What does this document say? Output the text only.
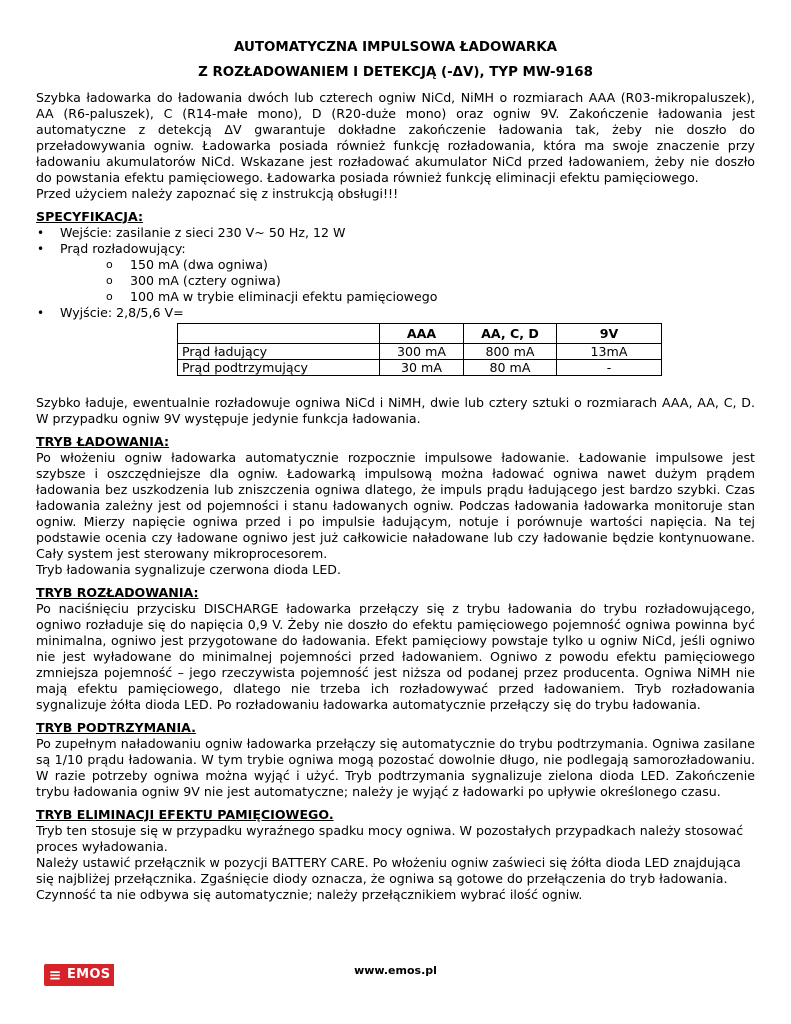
AUTOMATYCZNA IMPULSOWA ŁADOWARKA

Z ROZŁADOWANIEM I DETEKCJĄ (-ΔV), TYP MW-9168

Szybka ładowarka do ładowania dwóch lub czterech ogniw NiCd, NiMH o rozmiarach AAA (R03-mikropaluszek), AA (R6-paluszek), C (R14-małe mono), D (R20-duże mono) oraz ogniw 9V. Zakończenie ładowania jest automatyczne z detekcją ΔV gwarantuje dokładne zakończenie ładowania tak, żeby nie doszło do przeładowywania ogniw. Ładowarka posiada również funkcję rozładowania, która ma swoje znaczenie przy ładowaniu akumulatorów NiCd. Wskazane jest rozładować akumulator NiCd przed ładowaniem, żeby nie doszło do powstania efektu pamięciowego. Ładowarka posiada również funkcję eliminacji efektu pamięciowego.

Przed użyciem należy zapoznać się z instrukcją obsługi!!!

SPECYFIKACJA:

• Wejście: zasilanie z sieci 230 V~ 50 Hz, 12 W
• Prąd rozładowujący:
o 150 mA (dwa ogniwa)
o 300 mA (cztery ogniwa)
o 100 mA w trybie eliminacji efektu pamięciowego
• Wyjście: 2,8/5,6 V=
	AAA	AA, C, D	9V
Prąd ładujący	300 mA	800 mA	13mA
Prąd podtrzymujący	30 mA	80 mA	-

Szybko ładuje, ewentualnie rozładowuje ogniwa NiCd i NiMH, dwie lub cztery sztuki o rozmiarach AAA, AA, C, D. W przypadku ogniw 9V występuje jedynie funkcja ładowania.

TRYB ŁADOWANIA:

Po włożeniu ogniw ładowarka automatycznie rozpocznie impulsowe ładowanie. Ładowanie impulsowe jest szybsze i oszczędniejsze dla ogniw. Ładowarką impulsową można ładować ogniwa nawet dużym prądem ładowania bez uszkodzenia lub zniszczenia ogniwa dlatego, że impuls prądu ładującego jest bardzo szybki. Czas ładowania zależny jest od pojemności i stanu ładowanych ogniw. Podczas ładowania ładowarka monitoruje stan ogniw. Mierzy napięcie ogniwa przed i po impulsie ładującym, notuje i porównuje wartości napięcia. Na tej podstawie ocenia czy ładowane ogniwo jest już całkowicie naładowane lub czy ładowanie będzie kontynuowane. Cały system jest sterowany mikroprocesorem.

Tryb ładowania sygnalizuje czerwona dioda LED.

TRYB ROZŁADOWANIA:

Po naciśnięciu przycisku DISCHARGE ładowarka przełączy się z trybu ładowania do trybu rozładowującego, ogniwo rozładuje się do napięcia 0,9 V. Żeby nie doszło do efektu pamięciowego pojemność ogniwa powinna być minimalna, ogniwo jest przygotowane do ładowania. Efekt pamięciowy powstaje tylko u ogniw NiCd, jeśli ogniwo nie jest wyładowane do minimalnej pojemności przed ładowaniem. Ogniwo z powodu efektu pamięciowego zmniejsza pojemność – jego rzeczywista pojemność jest niższa od podanej przez producenta. Ogniwa NiMH nie mają efektu pamięciowego, dlatego nie trzeba ich rozładowywać przed ładowaniem. Tryb rozładowania sygnalizuje żółta dioda LED. Po rozładowaniu ładowarka automatycznie przełączy się do trybu ładowania.

TRYB PODTRZYMANIA.

Po zupełnym naładowaniu ogniw ładowarka przełączy się automatycznie do trybu podtrzymania. Ogniwa zasilane są 1/10 prądu ładowania. W tym trybie ogniwa mogą pozostać dowolnie długo, nie podlegają samorozładowaniu. W razie potrzeby ogniwa można wyjąć i użyć. Tryb podtrzymania sygnalizuje zielona dioda LED. Zakończenie trybu ładowania ogniw 9V nie jest automatyczne; należy je wyjąć z ładowarki po upływie określonego czasu.

TRYB ELIMINACJI EFEKTU PAMIĘCIOWEGO.

Tryb ten stosuje się w przypadku wyraźnego spadku mocy ogniwa. W pozostałych przypadkach należy stosować proces wyładowania.

Należy ustawić przełącznik w pozycji BATTERY CARE. Po włożeniu ogniw zaświeci się żółta dioda LED znajdująca się najbliżej przełącznika. Zgaśnięcie diody oznacza, że ogniwa są gotowe do przełączenia do tryb ładowania. Czynność ta nie odbywa się automatycznie; należy przełącznikiem wybrać ilość ogniw.

≡ EMOS	www.emos.pl
